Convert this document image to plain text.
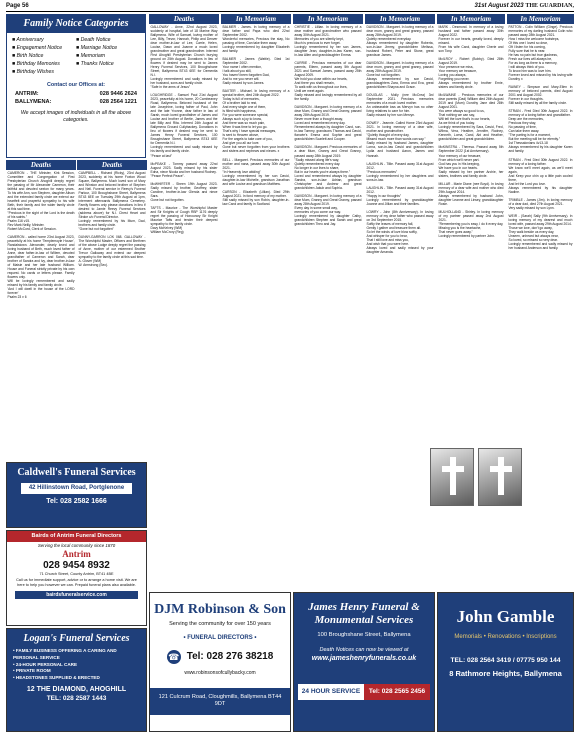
Page 56	31st August 2023 THE GUARDIAN,
Family Notice Categories
■ Anniversary
■ Engagement Notice
■ Birth Notice
■ Birthday Memories
■ Birthday Wishes
■ Death Notice
■ Marriage Notice
■ Memoriam
■ Thanks Notice
Contact our Offices at:
ANTRIM:	028 9446 2624
BALLYMENA:	028 2564 1221
We accept images of individuals in all the above categories.
Deaths
CAMERON - THE Minister, Kirk Session, Committee and Congregation of First Presbyterian Church Ahoghill deeply regret the passing of Mr Alexander Cameron, their faithful and devoted sexton for many years. To his wife Ann, son Stephen, daughter Alison and the extended family circle we extend our heartfelt and prayerful sympathy to his wife Beth, their family and the wider family circle at this sad time.
"Precious in the sight of the Lord is the death of his saints."
Psalm 116 v15.
Rev Mark Neilly, Minister.
Robert McCord, Clerk of Session.

CAMERON - called home 23rd August 2023, peacefully at his home 'Templemoyle House', Randalstown. Alexander, dearly loved and loving husband of Beth, much loved father of Anne, dear father-in-law of Willem, devoted grandfather of Cameron and Sarah, dear brother of Sandra and Ivy, dear brother-in-law of Maisie and her late husband William. House and Funeral strictly private by his own request. No cards or letters please. Family flowers only.
Will be lovingly remembered and sadly missed by his family and family circle.
'And I will dwell in the house of the LORD forever'
Psalm 23 v 6
Deaths
CAMPBELL - Richard (Ricky), 23rd August 2023, suddenly at his home Foxton Wood Square, Ballymena. Much loved son of Mary and Winston and beloved brother of Stephen and Neil. Funeral service in Reevy's Funeral Parlour, 100 Broughshane Street, Ballymena BT43 6EE on Tuesday 29th August at 1pm, interment afterwards Ballymena Cemetery. Family flowers only please donations in lieu if desired to Jamie Reevy Funeral Services (address above) for N.I. Chest Heart and Stroke c/o Funeral Director.
Lovingly remembered by his Mum, Dad, brothers and family circle.
"Gone but not forgotten"

DUNNY-GARRON LOK 068. GALLOWAY - The Worshipful Master, Officers and Brethren of the above Lodge deeply regret the passing of Anne, mother of our esteemed Brother Trevor Galloway and extend our deepest sympathy to the family circle at this sad time.
A. Glover (WM)
W. Armstrong (Sec).
Caldwell's Funeral Services
42 Hillinstown Road, Portglenone
Tel: 028 2582 1666
Bairds of Antrim Funeral Directors
Serving the local community since 1870
Antrim
028 9454 8932
71 Church Street, County Antrim, BT41 4BE
Call us for immediate support, advice or to arrange a home visit. We are here to help you however we can. Prepaid funeral plans also available.
bairdsfuneralservice.com
Logan's Funeral Services
• FAMILY BUSINESS OFFERING A CARING AND PERSONAL SERVICE
• 24-HOUR PERSONAL CARE
• PRIVATE ROOM
• HEADSTONES SUPPLIED & ERECTED
12 THE DIAMOND, AHOGHILL
TEL: 028 2587 1443
Deaths
GALLOWAY - Anne, 22nd August 2023, suddenly at hospital, late of 18 Marine Way Ballymena. Wife of Samuel, loving mother of Lee, Billy, Trevor, Hannah, Philip and Denver dear mother-in-law of Lee, Carrie, Helen, Louise, Dawn and Joanne a much loved grandmother and great grandmother. Interred First Ahoghill Presbyterian Church burying ground on 25th August. Donations in lieu of flowers if desired may be sent to James Henry Funeral Services, 100 Broughshane Street, Ballymena BT43 6EE for Dementia N.I.
Lovingly remembered and sadly missed by her husband, sons and family circle.
"Safe in the arms of Jesus"

LOUGHRIDGE - Samuel Paul 21st August 2023, peacefully at his home, 20 Carnbeaney Road, Ballymena. Beloved husband of the late Josephine, loving father of Paul, John and the late Yvonne, dear father in law of Sarah, much loved grandfather of James and Louise and brother of Bertie, James and the late Billy and Rita. Interred 24th August at Ballymena Ground Cullybackey. Donations in lieu of flowers if desired may be sent to James Henry Funeral Services, 100 Broughshane Street, Ballymena BT43 6EE for Dementia N.I.
Lovingly remembered and sadly missed by his family and family circle.
"Peace at last"

McPEAKE - Tommy passed away 22nd August 2023. Sadly missed by his sister Edna, niece Nicola and her husband Rodney.
"Peace Perfect Peace".

McWHIRTER - Sheen 19th August 2023. Sadly missed by brother, Geoffrey, sister Caroline, brother-in-law Glenda and niece Sara.
Gone but not forgotten.

TAFTS - Maurice - The Worshipful Master and Sir Knights of Cough RBP 1176 deeply regret the passing of Honourary Sir Knight Maurice Tafts and tender their deepest sympathy to the family circle.
Davy McKelvey (WM)
William McCrory (Reg)
In Memoriam
BALMER - James. In loving memory of a dear father and Papa who died 22nd September 2002.
Wonderful memories, Precious the stay, No passing of time, Can take them away.
Lovingly remembered by daughter Elizabeth and family.

BALMER - James (Wattie). Died 1st September 2002.
Your name I often mention,
I talk about you still,
You haven't been forgotten Dad,
And to me you never will.
Sadly missed by son James.

BAXTER - Michael. In loving memory of a special brother, died 24th August 2022.
Today is full of memories,
Of a brother laid to rest,
And every single one of them,
Is filled with happiness,
For you were someone special,
Always such a joy to know,
And there was so much pain,
When it was time to let you go.
That's why I have special messages,
Is sent to Heaven above,
For the angels to take care of you,
And give you all our love.
Gone but never forgotten from your brothers and sisters and nephews and nieces. x

BELL - Margaret. Precious memories of our mother and nana, passed away 30th August 2021.
"In Heavenly love abiding"
Lovingly remembered by her son David, daughter-in-law Michelle, grandson Jonathan and wife Louise and grandson Matthew.

CARSON - Elizabeth (Lillian). Died 29th August 2021. In fond memory of my mother.
Still sadly missed by son Robin, daughter-in-law Carol and family in Scotland.
In Memoriam
CHRISTIE - Lillian. In loving memory of a dear mother and grandmother who passed away 30th August 2021.
Memories of you are silently kept,
Much is precious to ever forget.
Lovingly remembered by her son James, daughter Jean, daughter-in-law Karen, son-in-law Allen and granddaughter Emma.

CURRIE - Precious memories of our dear parents, Eileen, passed away 5th August 2021 and Samuel James, passed away 25th August 2009.
We hold you close within our hearts,
And there you shall remain,
To walk with us throughout our lives,
Until we meet again.
Sadly missed and lovingly remembered by all the family.

DAVIDSON - Margaret. In loving memory of a dear Mum, Granny and Great Granny, passed away 28th August 2019.
Never more than a thought away,
Loved and remembered every day.
Remembered always by daughter Carol, son-in-law Tommy, grandsons Thomas and David, fiancée's Emma and Sophie and great grandchildren Scarlett and Cooper.

DAVIDSON - Margaret. Precious memories of a dear Mum, Granny and Great Granny, passed away 28th August 2019.
"Sadly missed along life's way,
Quietly remembered every day.
No longer in our lives to share,
But in our hearts you're always there."
Loved and remembered always by daughter Sandra, son-in-law Adrian, grandson Christopher and Andrew and great grandchildren Jakub and Sophia.

DAVIDSON - Margaret. In loving memory of a dear Mum, Granny and Great Granny, passed away 28th August 2019.
Every day in some small way,
memories of you come our way.
Lovingly remembered by daughter Cathy, grandchildren Stephen and Sarah and great grandchildren Theo and Jay.
In Memoriam
DAVIDSON - Margaret. In loving memory of a dear mum, granny and great granny, passed away 28th August 2019.
Quietly remembered everyday.
Always remembered by daughter Roberta, son-in-law Jimmy, grandchildren Melissa, husband Robert, Peter and Stone, great grandson James.

DAVIDSON - Margaret. In loving memory of a dear mum, granny and great granny, passed away 28th August 2019.
Gone but not forgotten.
Always remembered by son David, granddaughters Zara, Emma and Eva, great grandchildren Shayna and Grace.

DOUGLAS - Molly (nee McCrea) 3rd September 2021. Precious memories memories of a much loved mother.
An unbearable loss as Mervyn has no other living relatives to care for him.
Sadly missed by her son Mervyn.

DOWEY - Jeannie. Called Home 23rd August 2021. In loving memory of a dear wife, mother and grandmother.
"Quietly thought of every day,
Missed much more than words can say."
Sadly missed by husband James, daughter Lorna, son-in-law David and grandchildren Lydia and husband Aaron, James and Hannah.

LAUGHLIN - Tillie. Passed away 31st August 2012.
"Precious memories"
Lovingly remembered by her daughters and sons-in-law.

LAUGHLIN - Tillie. Passed away 31st August 2012.
"Happy in our thoughts"
Lovingly remembered by granddaughter Joanne and Jillian and their families.

LOWRY - John (8th Anniversary). In loving memory of my dear father who passed away on 3rd September 2015.
Softly the leaves of memory fall,
Gently I gather and treasure them all.
So let the winds of love blow softly,
And whisper for you to hear,
That I still love and miss you,
And wish that you were here.
Always loved and sadly missed by your daughter Amanda.
In Memoriam
MARK - Desmond. In memory of a loving husband and father passed away 30th August 2022.
Forever in our hearts, greatly loved, deeply missed.
From his wife Carol, daughter Cherie and son Tony.

McILROY - Robert (Bobby). Died 28th August 2019.
Your presence we miss,
Your memory we treasure,
Loving you always,
Forgetting you never.
Always remembered by brother Ernie, sisters and family circle.

McILWAINE - Precious memories of our dear parents (Dad) William died 26th August 2019 and (Mum) Dorothy Jane died 28th August 2001.
You were always so good to us,
That nothing we can say,
Will tell the love that's in our hearts,
As we think of you today.
Lovingly remembered by Sara, David, Fred, Wilma, Vera, Heather, Jennifer, Rodney, Kenneth, Lorna, Carol, Abi and Heather, grandchildren and great grandchildren.

McKINSTRA - Theresa. Passed away 5th September 2022 (1st Anniversary).
Your memory of our treasure,
From which we'll never part.
God has you in His keeping,
We have you in our hearts.
Sadly missed by her partner Archie, her sisters, brothers and family circle.

MILLAR - Marie Diane (nee Boyd). In loving memory of a dear wife and mother who died 29th August 2014.
Always remembered by husband John, daughter Leanne and Linsey, granddaughter Rosie.

MULHOLLAND - Shirley. In loving memory of my partner passed away 2nd August 2021.
"Remembering you is easy, I do it every day,
Missing you is the heartache,
That never goes away."
Lovingly remembered by partner John.
In Memoriam
PATTON - Colin William (Ginge). Precious memories of my darling husband Colin who passed away 28th August 2021.
How I miss the welcome footsteps,
Of this one I loved so dear,
Oft I listen for his coming,
Fully sure that he is near.
He has no pain but true gladness,
Fresh our lives will always be,
For as long as there is a memory,
I will always think of you.
To know him was to love him.
Forever loved and missed by his loving wife Dorothy x

RAINEY - Simpson and Mary-Ellen In memory of beloved parents, died August 2001 and August 2002.
Forever in our thoughts.
Still sadly missed by all the family circle.

STRAIN - Fred Died 30th August 2022. In memory of a loving father and grandfather.
Deep are the memories,
Precious they stay,
No passing of time,
Can take them away.
"The parting is for a moment,
But the meeting will be for eternity."
1st Thessalonians 4v13-18
Always remembered by his daughter Karen and family.

STRAIN - Fred Died 30th August 2022. In memory of a loving father.
We know we'll meet again, as we'll meet again,
And Keep your chin up a little pain cooled there,
And let the Lord you love.
Always remembered by his daughter Nadine.

TRIMBLE - James (Jim). In loving memory of a dear dad, died 27th August 2021.
Very sadly missed by son Lynn.

WEIR - (Sarah) Sally (9th Anniversary). In loving memory of my dearest and much loved wife, passed away 29th August 2014.
Those we love, don't go away,
They walk beside us every day,
Unseen, unheard but always near,
So loved, so missed so very dear.
Lovingly remembered and sadly missed by her husband Anderson and family.
DJM Robinson & Son
Serving the community for over 150 years
• FUNERAL DIRECTORS •
☎ Tel: 028 276 38218
www.robinsonsofcullybacky.com
121 Culcrum Road, Cloughmills, Ballymena BT44 9DT
James Henry Funeral & Monumental Services
100 Broughshane Street, Ballymena
Death Notices can now be viewed at
www.jameshenryfunerals.co.uk
24 HOUR SERVICE	Tel: 028 2565 2456
John Gamble
Memorials • Renovations • Inscriptions
TEL: 028 2564 3419 / 07775 950 144
8 Rathmore Heights, Ballymena
